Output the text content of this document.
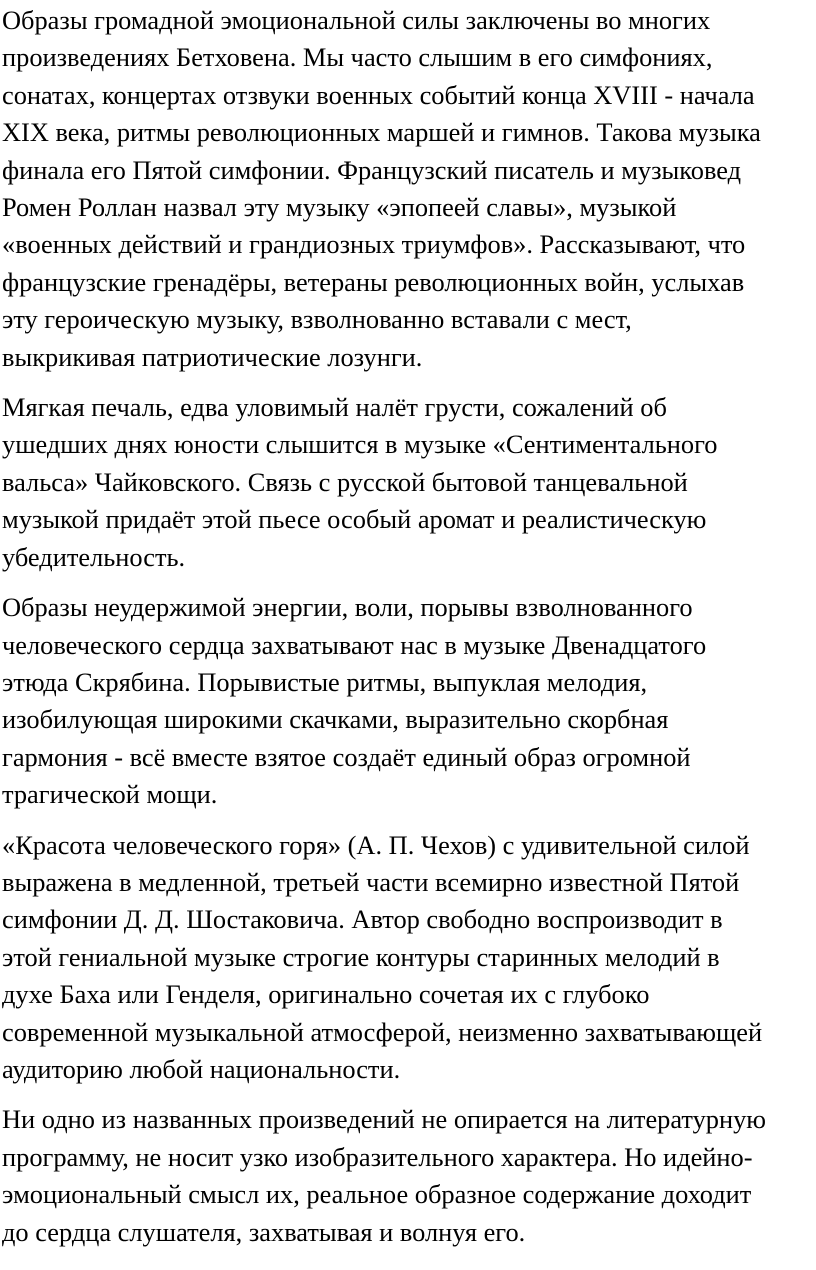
Образы громадной эмоциональной силы заключены во многих
произведениях Бетховена. Мы часто слышим в его симфониях,
сонатах, концертах отзвуки военных событий конца XVIII - начала
XIX века, ритмы революционных маршей и гимнов. Такова музыка
финала его Пятой симфонии. Французский писатель и музыковед
Ромен Роллан назвал эту музыку «эпопеей славы», музыкой
«военных действий и грандиозных триумфов». Рассказывают, что
французские гренадёры, ветераны революционных войн, услыхав
эту героическую музыку, взволнованно вставали с мест,
выкрикивая патриотические лозунги.

Мягкая печаль, едва уловимый налёт грусти, сожалений об
ушедших днях юности слышится в музыке «Сентиментального
вальса» Чайковского. Связь с русской бытовой танцевальной
музыкой придаёт этой пьесе особый аромат и реалистическую
убедительность.

Образы неудержимой энергии, воли, порывы взволнованного
человеческого сердца захватывают нас в музыке Двенадцатого
этюда Скрябина. Порывистые ритмы, выпуклая мелодия,
изобилующая широкими скачками, выразительно скорбная
гармония - всё вместе взятое создаёт единый образ огромной
трагической мощи.

«Красота человеческого горя» (А. П. Чехов) с удивительной силой
выражена в медленной, третьей части всемирно известной Пятой
симфонии Д. Д. Шостаковича. Автор свободно воспроизводит в
этой гениальной музыке строгие контуры старинных мелодий в
духе Баха или Генделя, оригинально сочетая их с глубоко
современной музыкальной атмосферой, неизменно захватывающей
аудиторию любой национальности.

Ни одно из названных произведений не опирается на литературную
программу, не носит узко изобразительного характера. Но идейно-
эмоциональный смысл их, реальное образное содержание доходит
до сердца слушателя, захватывая и волнуя его.
